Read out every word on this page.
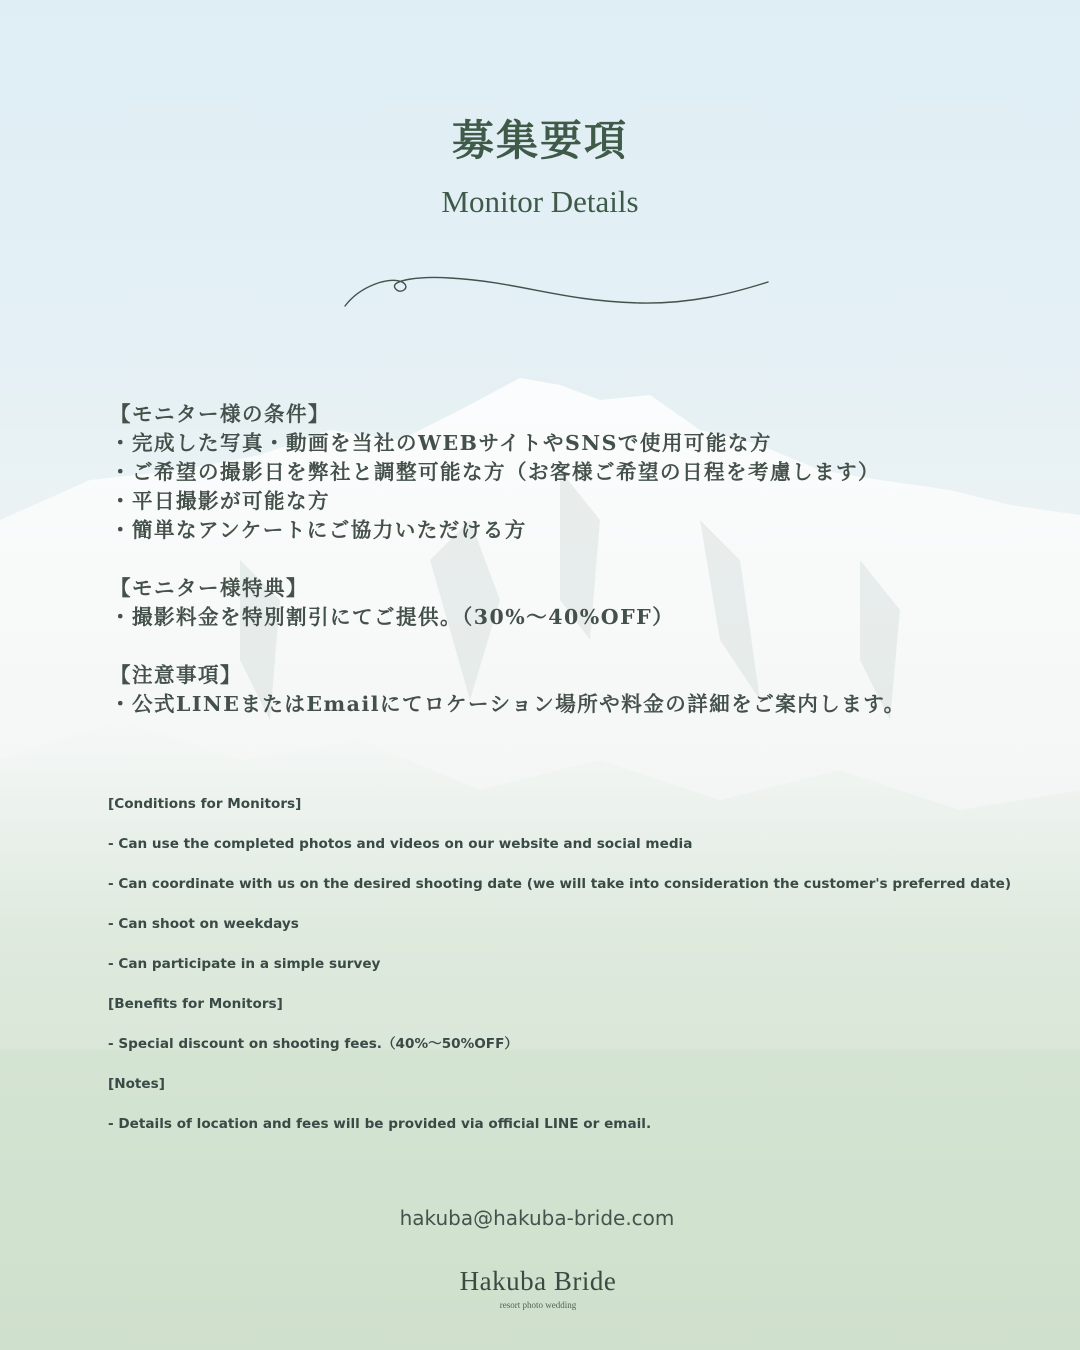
募集要項
Monitor Details
【モニター様の条件】
・完成した写真・動画を当社のWEBサイトやSNSで使用可能な方
・ご希望の撮影日を弊社と調整可能な方（お客様ご希望の日程を考慮します）
・平日撮影が可能な方
・簡単なアンケートにご協力いただける方
【モニター様特典】
・撮影料金を特別割引にてご提供。（30%～40%OFF）
【注意事項】
・公式LINEまたはEmailにてロケーション場所や料金の詳細をご案内します。
[Conditions for Monitors]
- Can use the completed photos and videos on our website and social media
- Can coordinate with us on the desired shooting date (we will take into consideration the customer's preferred date)
- Can shoot on weekdays
- Can participate in a simple survey
[Benefits for Monitors]
- Special discount on shooting fees.（40%～50%OFF）
[Notes]
- Details of location and fees will be provided via official LINE or email.
hakuba@hakuba-bride.com
Hakuba Bride
resort photo wedding
